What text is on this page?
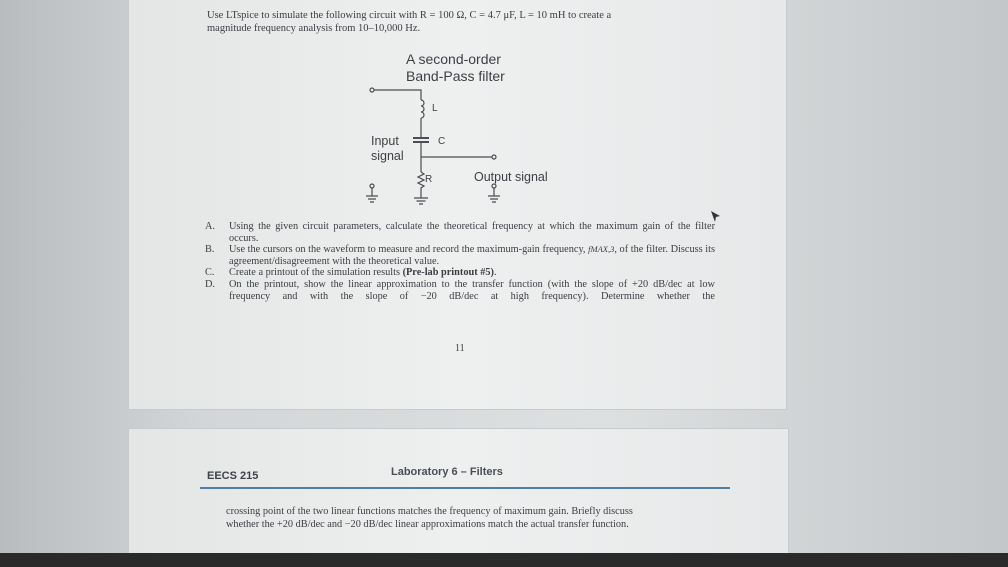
Use LTspice to simulate the following circuit with R = 100 Ω, C = 4.7 μF, L = 10 mH to create a
magnitude frequency analysis from 10–10,000 Hz.
A second-order
Band-Pass filter
L
C
R
Input
signal
Output signal
A. Using the given circuit parameters, calculate the theoretical frequency at which the maximum gain of the filter occurs.
B. Use the cursors on the waveform to measure and record the maximum-gain frequency, fMAX,3, of the filter. Discuss its agreement/disagreement with the theoretical value.
C. Create a printout of the simulation results (Pre-lab printout #5).
D. On the printout, show the linear approximation to the transfer function (with the slope of +20 dB/dec at low frequency and with the slope of −20 dB/dec at high frequency). Determine whether the
11
EECS 215	Laboratory 6 – Filters
crossing point of the two linear functions matches the frequency of maximum gain. Briefly discuss
whether the +20 dB/dec and −20 dB/dec linear approximations match the actual transfer function.
